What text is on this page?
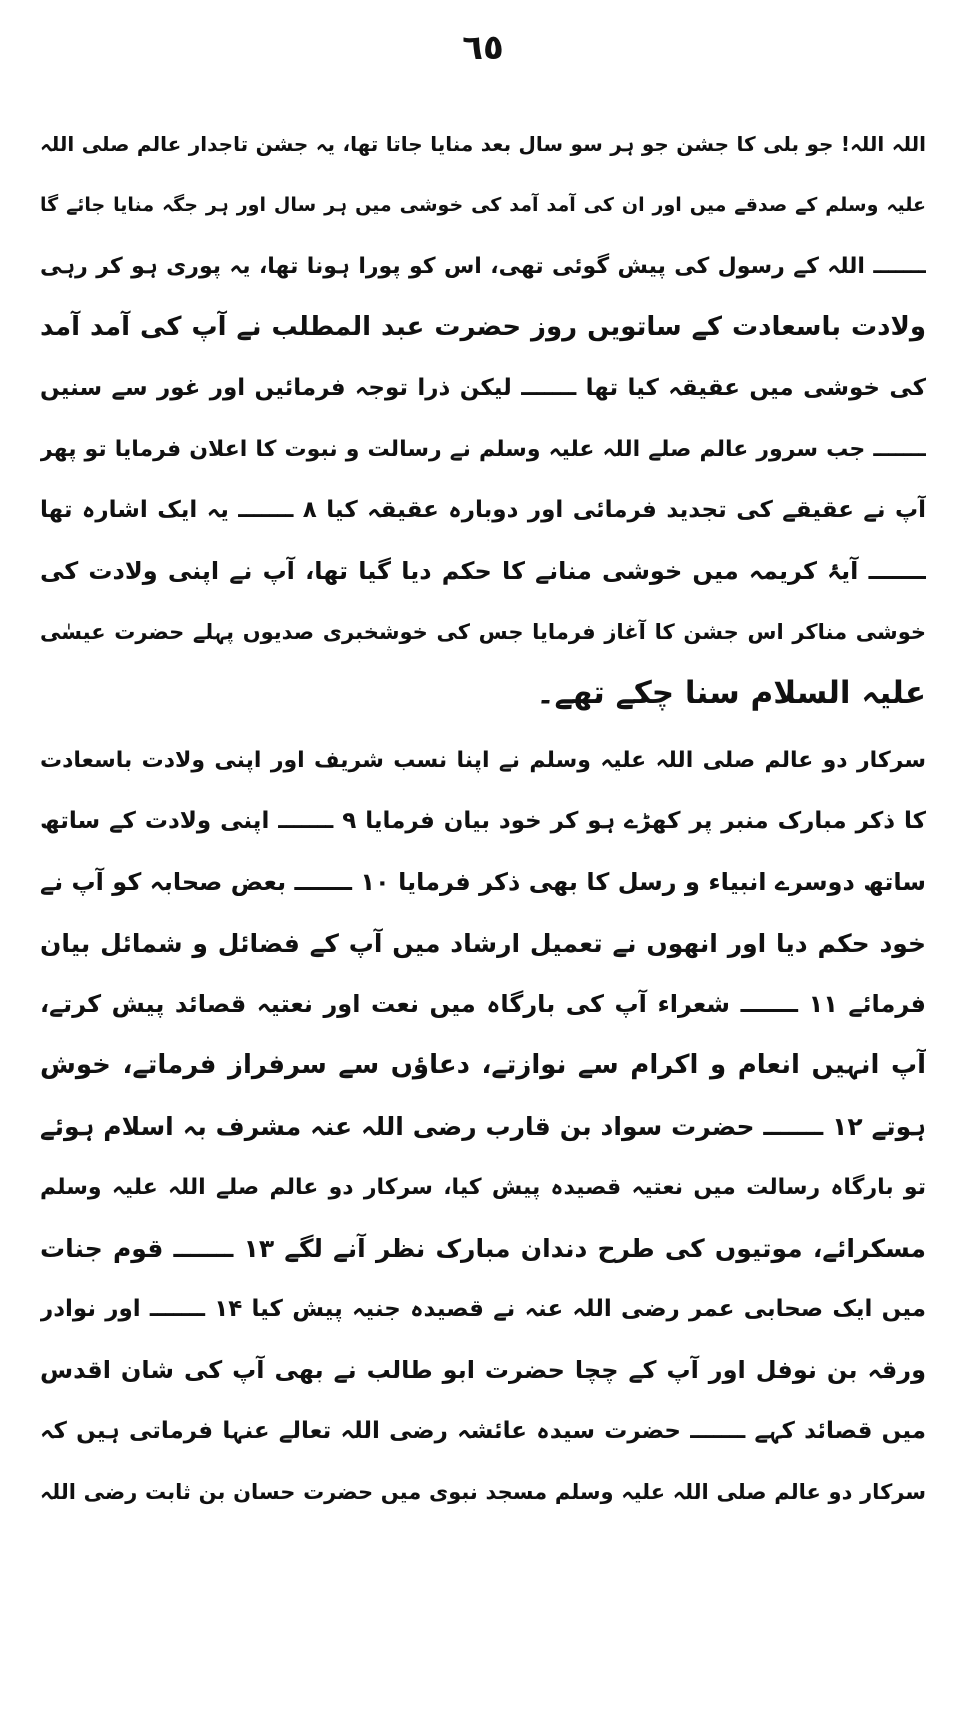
٦٥
اللہ اللہ! جو بلی کا جشن جو ہر سو سال بعد منایا جاتا تھا، یہ جشن تاجدار عالم صلی اللہ
علیہ وسلم کے صدقے میں اور ان کی آمد آمد کی خوشی میں ہر سال اور ہر جگہ منایا جائے گا
ـــــــ اللہ کے رسول کی پیش گوئی تھی، اس کو پورا ہونا تھا، یہ پوری ہو کر رہی
ولادت باسعادت کے ساتویں روز حضرت عبد المطلب نے آپ کی آمد آمد
کی خوشی میں عقیقہ کیا تھا ـــــــ لیکن ذرا توجہ فرمائیں اور غور سے سنیں
ـــــــ جب سرور عالم صلے اللہ علیہ وسلم نے رسالت و نبوت کا اعلان فرمایا تو پھر
آپ نے عقیقے کی تجدید فرمائی اور دوبارہ عقیقہ کیا ۸ ـــــــ یہ ایک اشارہ تھا
ـــــــ آیۂ کریمہ میں خوشی منانے کا حکم دیا گیا تھا، آپ نے اپنی ولادت کی
خوشی مناکر اس جشن کا آغاز فرمایا جس کی خوشخبری صدیوں پہلے حضرت عیسٰی
علیہ السلام سنا چکے تھے۔
سرکار دو عالم صلی اللہ علیہ وسلم نے اپنا نسب شریف اور اپنی ولادت باسعادت
کا ذکر مبارک منبر پر کھڑے ہو کر خود بیان فرمایا ۹ ـــــــ اپنی ولادت کے ساتھ
ساتھ دوسرے انبیاء و رسل کا بھی ذکر فرمایا ۱۰ ـــــــ بعض صحابہ کو آپ نے
خود حکم دیا اور انھوں نے تعمیل ارشاد میں آپ کے فضائل و شمائل بیان
فرمائے ۱۱ ـــــــ شعراء آپ کی بارگاہ میں نعت اور نعتیہ قصائد پیش کرتے،
آپ انہیں انعام و اکرام سے نوازتے، دعاؤں سے سرفراز فرماتے، خوش
ہوتے ۱۲ ـــــــ حضرت سواد بن قارب رضی اللہ عنہ مشرف بہ اسلام ہوئے
تو بارگاہ رسالت میں نعتیہ قصیدہ پیش کیا، سرکار دو عالم صلے اللہ علیہ وسلم
مسکرائے، موتیوں کی طرح دندان مبارک نظر آنے لگے ۱۳ ـــــــ قوم جنات
میں ایک صحابی عمر رضی اللہ عنہ نے قصیدہ جنیہ پیش کیا ۱۴ ـــــــ اور نوادر
ورقہ بن نوفل اور آپ کے چچا حضرت ابو طالب نے بھی آپ کی شان اقدس
میں قصائد کہے ـــــــ حضرت سیدہ عائشہ رضی اللہ تعالے عنہا فرماتی ہیں کہ
سرکار دو عالم صلی اللہ علیہ وسلم مسجد نبوی میں حضرت حسان بن ثابت رضی اللہ
